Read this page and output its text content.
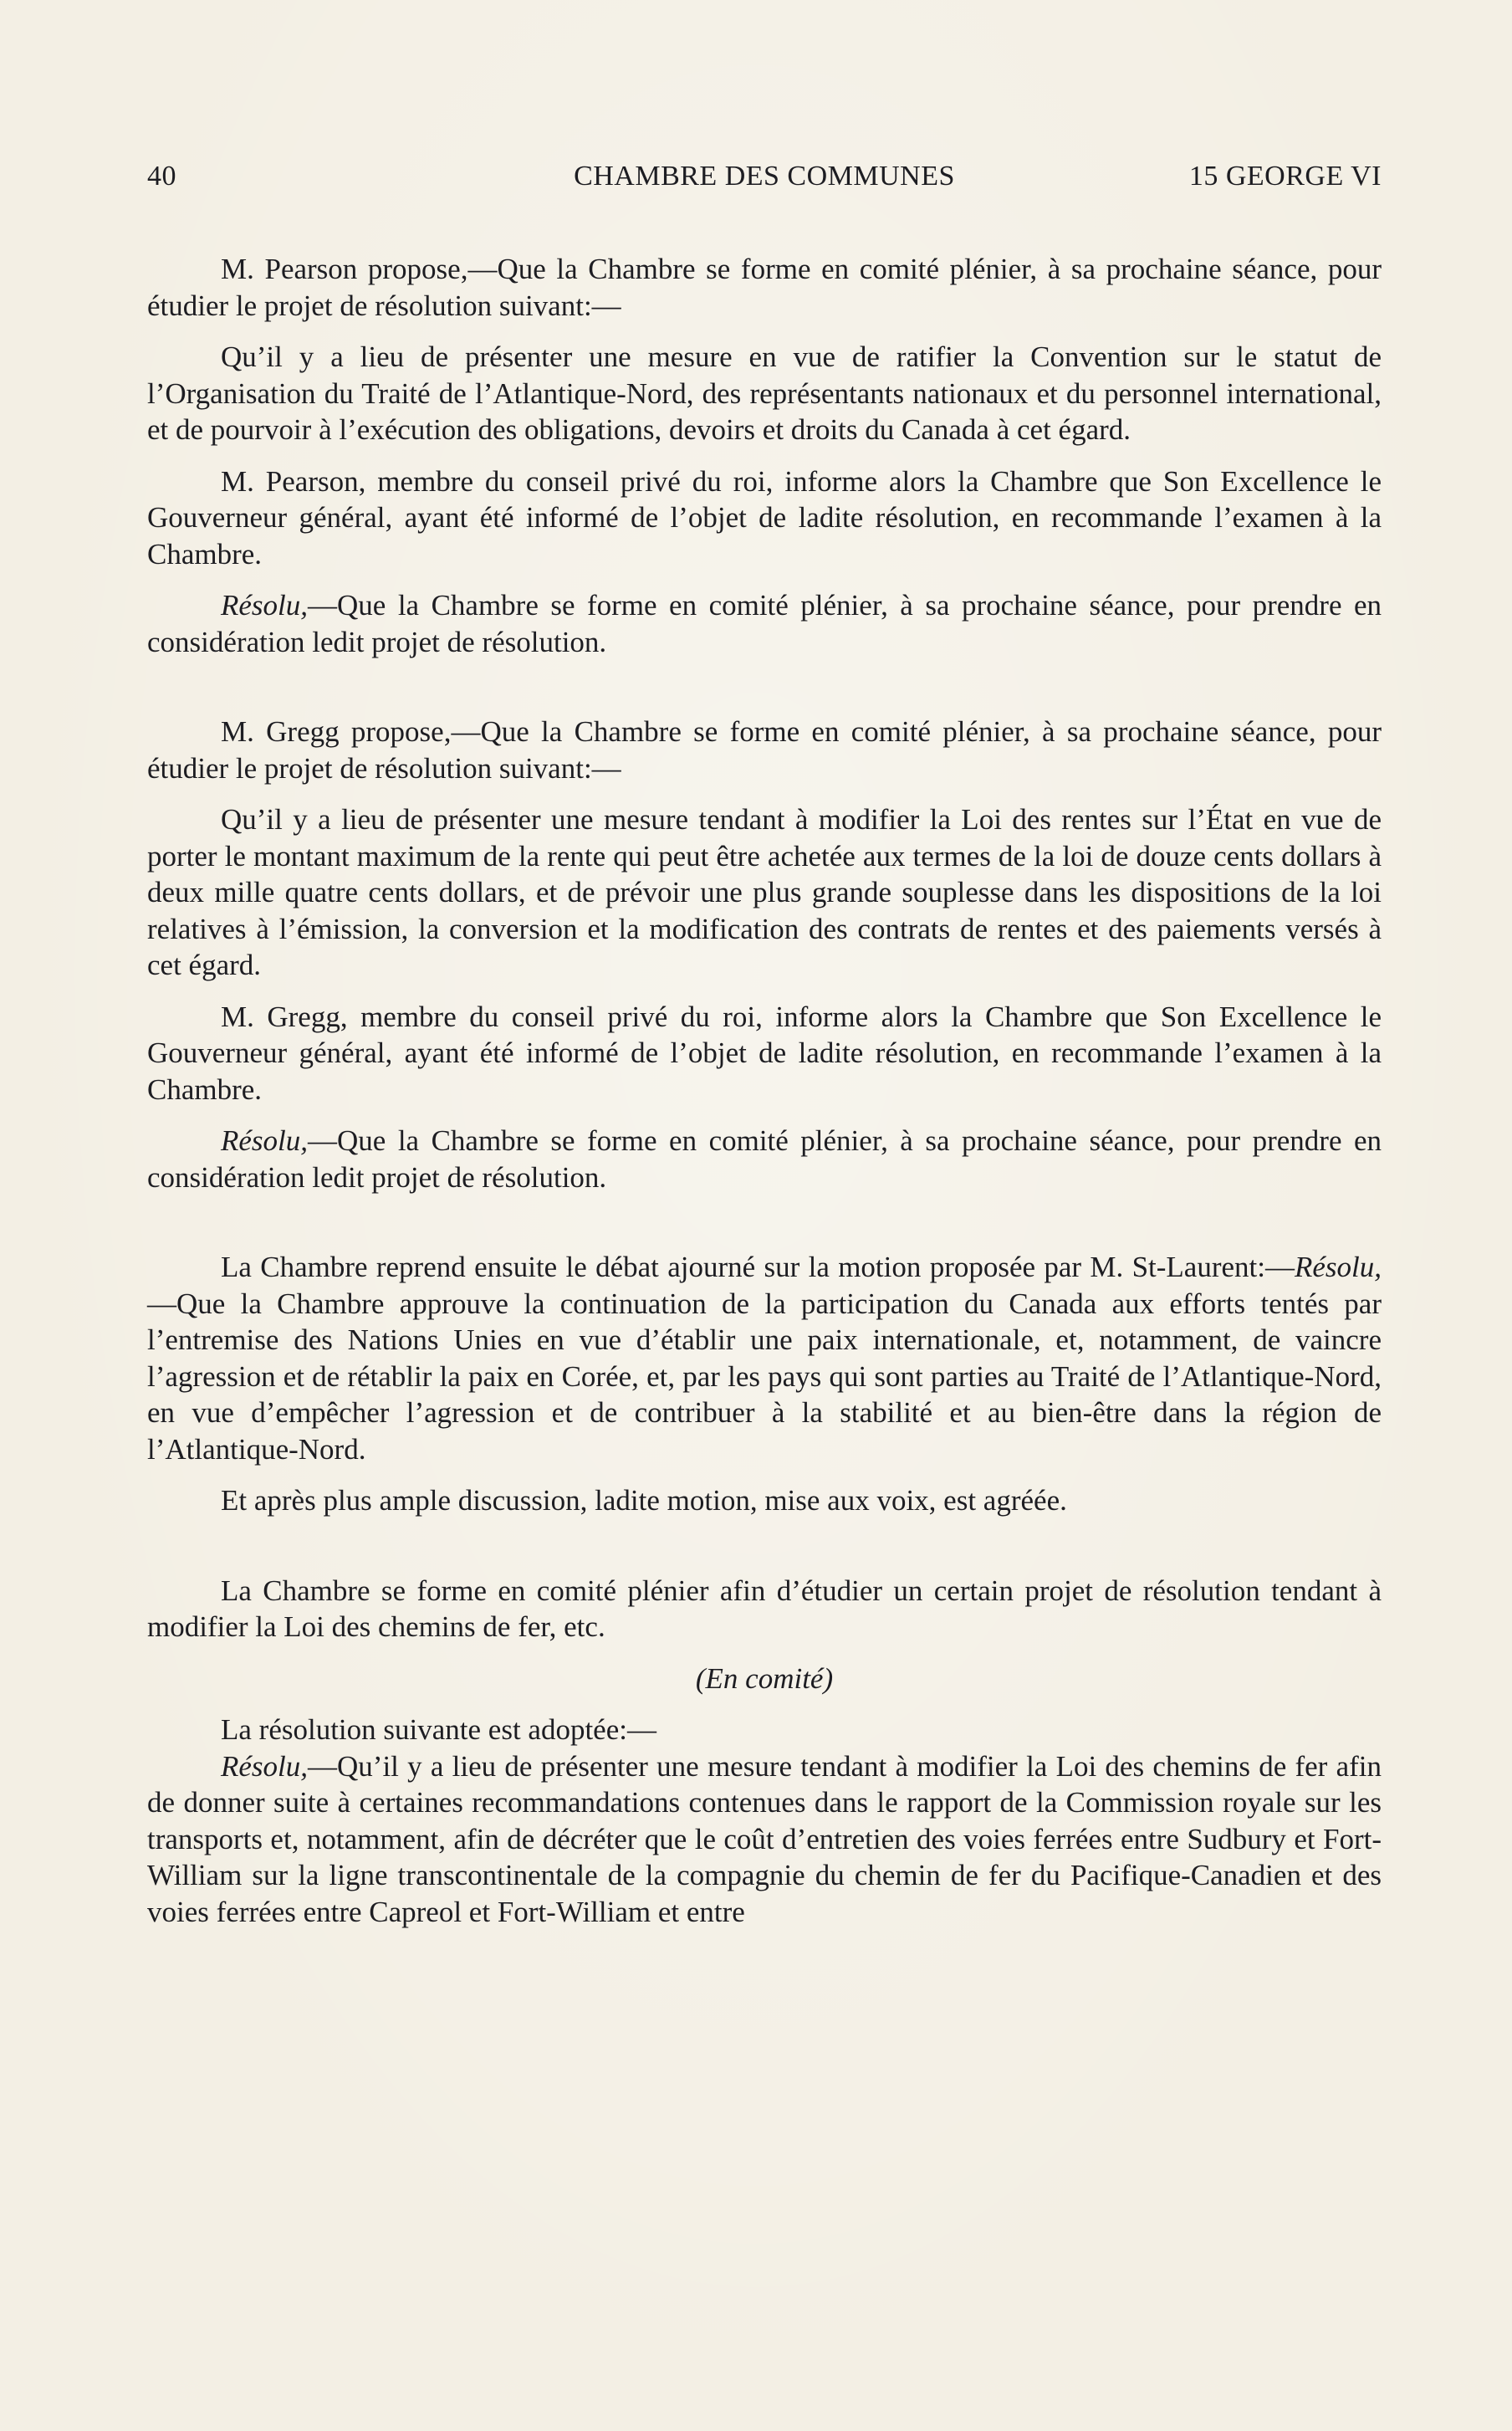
40	CHAMBRE DES COMMUNES	15 GEORGE VI

M. Pearson propose,—Que la Chambre se forme en comité plénier, à sa prochaine séance, pour étudier le projet de résolution suivant:—

Qu’il y a lieu de présenter une mesure en vue de ratifier la Convention sur le statut de l’Organisation du Traité de l’Atlantique-Nord, des représentants nationaux et du personnel international, et de pourvoir à l’exécution des obligations, devoirs et droits du Canada à cet égard.

M. Pearson, membre du conseil privé du roi, informe alors la Chambre que Son Excellence le Gouverneur général, ayant été informé de l’objet de ladite résolution, en recommande l’examen à la Chambre.

Résolu,—Que la Chambre se forme en comité plénier, à sa prochaine séance, pour prendre en considération ledit projet de résolution.

M. Gregg propose,—Que la Chambre se forme en comité plénier, à sa prochaine séance, pour étudier le projet de résolution suivant:—

Qu’il y a lieu de présenter une mesure tendant à modifier la Loi des rentes sur l’État en vue de porter le montant maximum de la rente qui peut être achetée aux termes de la loi de douze cents dollars à deux mille quatre cents dollars, et de prévoir une plus grande souplesse dans les dispositions de la loi relatives à l’émission, la conversion et la modification des contrats de rentes et des paiements versés à cet égard.

M. Gregg, membre du conseil privé du roi, informe alors la Chambre que Son Excellence le Gouverneur général, ayant été informé de l’objet de ladite résolution, en recommande l’examen à la Chambre.

Résolu,—Que la Chambre se forme en comité plénier, à sa prochaine séance, pour prendre en considération ledit projet de résolution.

La Chambre reprend ensuite le débat ajourné sur la motion proposée par M. St-Laurent:—Résolu,—Que la Chambre approuve la continuation de la participation du Canada aux efforts tentés par l’entremise des Nations Unies en vue d’établir une paix internationale, et, notamment, de vaincre l’agression et de rétablir la paix en Corée, et, par les pays qui sont parties au Traité de l’Atlantique-Nord, en vue d’empêcher l’agression et de contribuer à la stabilité et au bien-être dans la région de l’Atlantique-Nord.

Et après plus ample discussion, ladite motion, mise aux voix, est agréée.

La Chambre se forme en comité plénier afin d’étudier un certain projet de résolution tendant à modifier la Loi des chemins de fer, etc.

(En comité)

La résolution suivante est adoptée:—

Résolu,—Qu’il y a lieu de présenter une mesure tendant à modifier la Loi des chemins de fer afin de donner suite à certaines recommandations contenues dans le rapport de la Commission royale sur les transports et, notamment, afin de décréter que le coût d’entretien des voies ferrées entre Sudbury et Fort-William sur la ligne transcontinentale de la compagnie du chemin de fer du Pacifique-Canadien et des voies ferrées entre Capreol et Fort-William et entre
